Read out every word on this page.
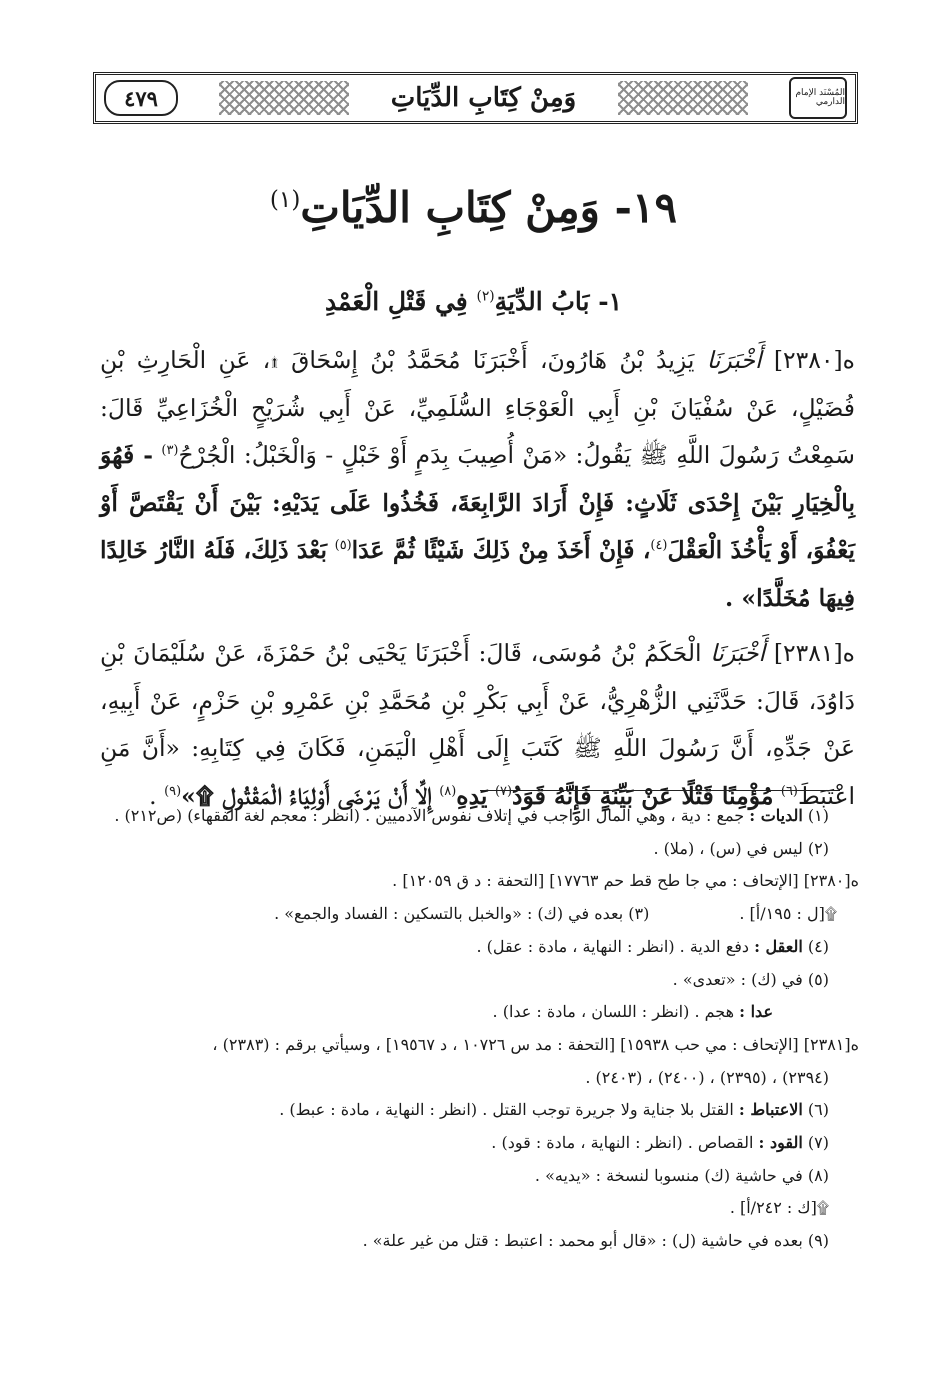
المُسْنَد الإمام الدارمي
وَمِنْ كِتَابِ الدِّيَاتِ
٤٧٩
١٩- وَمِنْ كِتَابِ الدِّيَاتِ$^{(١)}$
١- بَابُ الدِّيَةِ$^{(٢)}$ فِي قَتْلِ الْعَمْدِ

ه[٢٣٨٠] أَخْبَرَنَا يَزِيدُ بْنُ هَارُونَ، أَخْبَرَنَا مُحَمَّدُ بْنُ إِسْحَاقَ ۩، عَنِ الْحَارِثِ بْنِ فُضَيْلٍ، عَنْ سُفْيَانَ بْنِ أَبِي الْعَوْجَاءِ السُّلَمِيِّ، عَنْ أَبِي شُرَيْحٍ الْخُزَاعِيِّ قَالَ: سَمِعْتُ رَسُولَ اللَّهِ ﷺ يَقُولُ: «مَنْ أُصِيبَ بِدَمٍ أَوْ خَبْلٍ - وَالْخَبْلُ: الْجُرْحُ$^{(٣)}$ - فَهُوَ بِالْخِيَارِ بَيْنَ إِحْدَى ثَلَاثٍ: فَإِنْ أَرَادَ الرَّابِعَةَ، فَخُذُوا عَلَى يَدَيْهِ: بَيْنَ أَنْ يَقْتَصَّ أَوْ يَعْفُوَ، أَوْ يَأْخُذَ الْعَقْلَ$^{(٤)}$، فَإِنْ أَخَذَ مِنْ ذَلِكَ شَيْئًا ثُمَّ عَدَا$^{(٥)}$ بَعْدَ ذَلِكَ، فَلَهُ النَّارُ خَالِدًا فِيهَا مُخَلَّدًا» .

ه[٢٣٨١] أَخْبَرَنَا الْحَكَمُ بْنُ مُوسَى، قَالَ: أَخْبَرَنَا يَحْيَى بْنُ حَمْزَةَ، عَنْ سُلَيْمَانَ بْنِ دَاوُدَ، قَالَ: حَدَّثَنِي الزُّهْرِيُّ، عَنْ أَبِي بَكْرِ بْنِ مُحَمَّدِ بْنِ عَمْرِو بْنِ حَزْمٍ، عَنْ أَبِيهِ، عَنْ جَدِّهِ، أَنَّ رَسُولَ اللَّهِ ﷺ كَتَبَ إِلَى أَهْلِ الْيَمَنِ، فَكَانَ فِي كِتَابِهِ: «أَنَّ مَنِ اعْتَبَطَ$^{(٦)}$ مُؤْمِنًا قَتْلًا عَنْ بَيِّنَةٍ فَإِنَّهُ قَوَدُ$^{(٧)}$ يَدِهِ$^{(٨)}$ إِلَّا أَنْ يَرْضَى أَوْلِيَاءُ الْمَقْتُولِ ۩»$^{(٩)}$ .

(١) الديات : جمع : دية ، وهي المال الواجب في إتلاف نفوس الآدميين . (انظر : معجم لغة الفقهاء) (ص٢١٢) .
(٢) ليس في (س) ، (ملا) .
ه[٢٣٨٠] [الإتحاف : مي جا طح قط حم ١٧٧٦٣] [التحفة : د ق ١٢٠٥٩] .
۩[ل : ١٩٥/أ] .
(٣) بعده في (ك) : «والخبل بالتسكين : الفساد والجمع» .
(٤) العقل : دفع الدية . (انظر : النهاية ، مادة : عقل) .
(٥) في (ك) : «تعدى» .
عدا : هجم . (انظر : اللسان ، مادة : عدا) .
ه[٢٣٨١] [الإتحاف : مي حب ١٥٩٣٨] [التحفة : مد س ١٠٧٢٦ ، د ١٩٥٦٧] ، وسيأتي برقم : (٢٣٨٣) ،
(٢٣٩٤) ، (٢٣٩٥) ، (٢٤٠٠) ، (٢٤٠٣) .
(٦) الاعتباط : القتل بلا جناية ولا جريرة توجب القتل . (انظر : النهاية ، مادة : عبط) .
(٧) القود : القصاص . (انظر : النهاية ، مادة : قود) .
(٨) في حاشية (ك) منسوبا لنسخة : «يديه» .
۩[ك : ٢٤٢/أ] .
(٩) بعده في حاشية (ل) : «قال أبو محمد : اعتبط : قتل من غير علة» .
